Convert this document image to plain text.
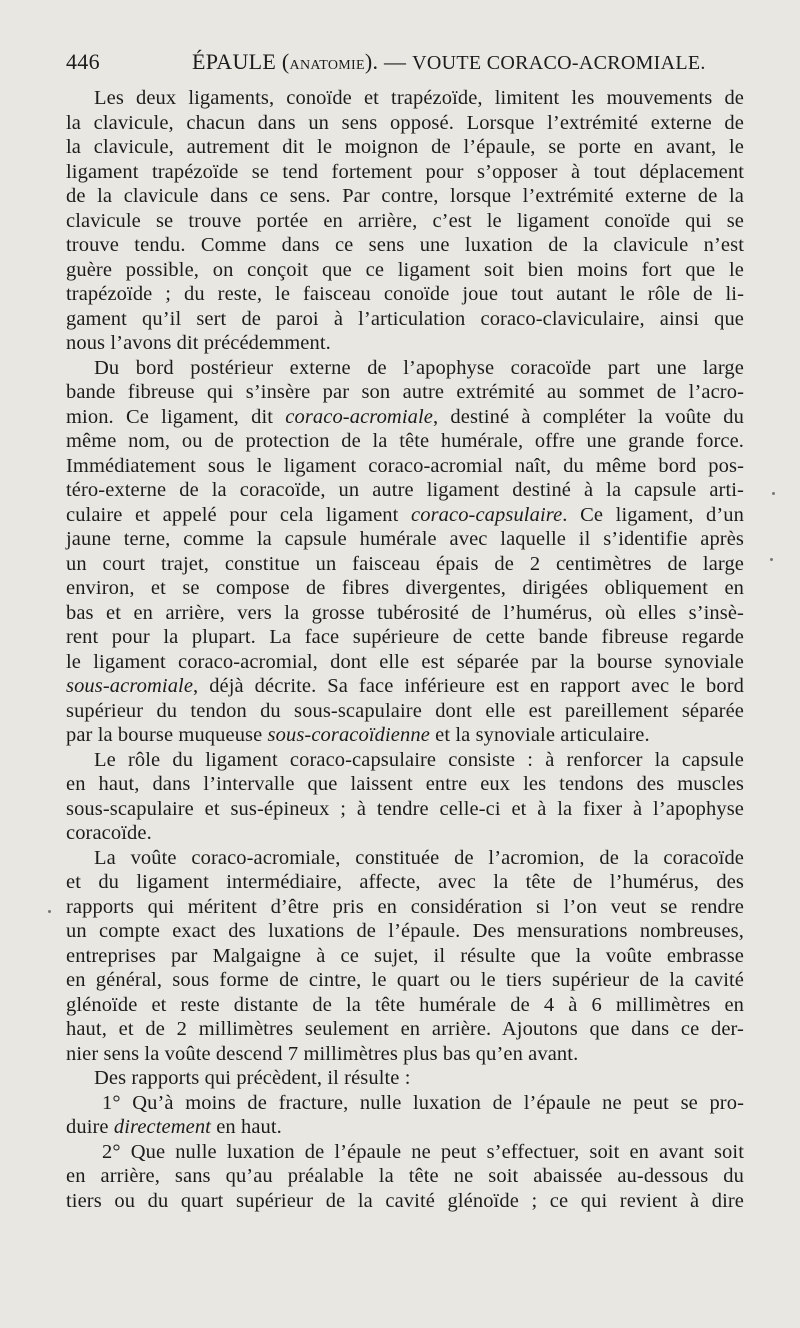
446	ÉPAULE (anatomie). — VOUTE CORACO-ACROMIALE.
Les deux ligaments, conoïde et trapézoïde, limitent les mouvements de
la clavicule, chacun dans un sens opposé. Lorsque l’extrémité externe de
la clavicule, autrement dit le moignon de l’épaule, se porte en avant, le
ligament trapézoïde se tend fortement pour s’opposer à tout déplacement
de la clavicule dans ce sens. Par contre, lorsque l’extrémité externe de la
clavicule se trouve portée en arrière, c’est le ligament conoïde qui se
trouve tendu. Comme dans ce sens une luxation de la clavicule n’est
guère possible, on conçoit que ce ligament soit bien moins fort que le
trapézoïde ; du reste, le faisceau conoïde joue tout autant le rôle de li-
gament qu’il sert de paroi à l’articulation coraco-claviculaire, ainsi que
nous l’avons dit précédemment.
Du bord postérieur externe de l’apophyse coracoïde part une large
bande fibreuse qui s’insère par son autre extrémité au sommet de l’acro-
mion. Ce ligament, dit coraco-acromiale, destiné à compléter la voûte du
même nom, ou de protection de la tête humérale, offre une grande force.
Immédiatement sous le ligament coraco-acromial naît, du même bord pos-
téro-externe de la coracoïde, un autre ligament destiné à la capsule arti-
culaire et appelé pour cela ligament coraco-capsulaire. Ce ligament, d’un
jaune terne, comme la capsule humérale avec laquelle il s’identifie après
un court trajet, constitue un faisceau épais de 2 centimètres de large
environ, et se compose de fibres divergentes, dirigées obliquement en
bas et en arrière, vers la grosse tubérosité de l’humérus, où elles s’insè-
rent pour la plupart. La face supérieure de cette bande fibreuse regarde
le ligament coraco-acromial, dont elle est séparée par la bourse synoviale
sous-acromiale, déjà décrite. Sa face inférieure est en rapport avec le bord
supérieur du tendon du sous-scapulaire dont elle est pareillement séparée
par la bourse muqueuse sous-coracoïdienne et la synoviale articulaire.
Le rôle du ligament coraco-capsulaire consiste : à renforcer la capsule
en haut, dans l’intervalle que laissent entre eux les tendons des muscles
sous-scapulaire et sus-épineux ; à tendre celle-ci et à la fixer à l’apophyse
coracoïde.
La voûte coraco-acromiale, constituée de l’acromion, de la coracoïde
et du ligament intermédiaire, affecte, avec la tête de l’humérus, des
rapports qui méritent d’être pris en considération si l’on veut se rendre
un compte exact des luxations de l’épaule. Des mensurations nombreuses,
entreprises par Malgaigne à ce sujet, il résulte que la voûte embrasse
en général, sous forme de cintre, le quart ou le tiers supérieur de la cavité
glénoïde et reste distante de la tête humérale de 4 à 6 millimètres en
haut, et de 2 millimètres seulement en arrière. Ajoutons que dans ce der-
nier sens la voûte descend 7 millimètres plus bas qu’en avant.
Des rapports qui précèdent, il résulte :
1° Qu’à moins de fracture, nulle luxation de l’épaule ne peut se pro-
duire directement en haut.
2° Que nulle luxation de l’épaule ne peut s’effectuer, soit en avant soit
en arrière, sans qu’au préalable la tête ne soit abaissée au-dessous du
tiers ou du quart supérieur de la cavité glénoïde ; ce qui revient à dire
